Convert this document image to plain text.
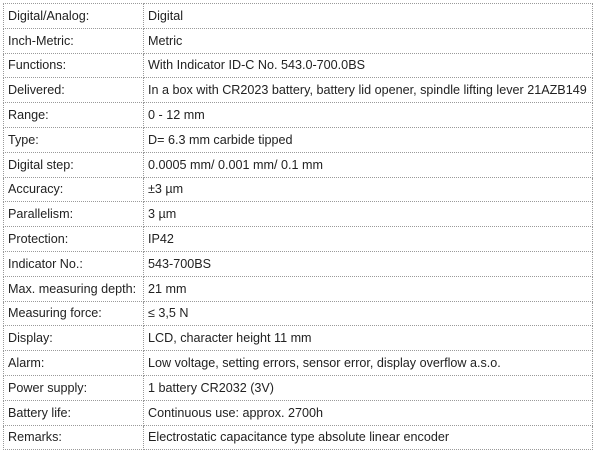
Digital/Analog:	Digital
Inch-Metric:	Metric
Functions:	With Indicator ID-C No. 543.0-700.0BS
Delivered:	In a box with CR2023 battery, battery lid opener, spindle lifting lever 21AZB149
Range:	0 - 12 mm
Type:	D= 6.3 mm carbide tipped
Digital step:	0.0005 mm/ 0.001 mm/ 0.1 mm
Accuracy:	±3 µm
Parallelism:	3 µm
Protection:	IP42
Indicator No.:	543-700BS
Max. measuring depth:	21 mm
Measuring force:	≤ 3,5 N
Display:	LCD, character height 11 mm
Alarm:	Low voltage, setting errors, sensor error, display overflow a.s.o.
Power supply:	1 battery CR2032 (3V)
Battery life:	Continuous use: approx. 2700h
Remarks:	Electrostatic capacitance type absolute linear encoder
